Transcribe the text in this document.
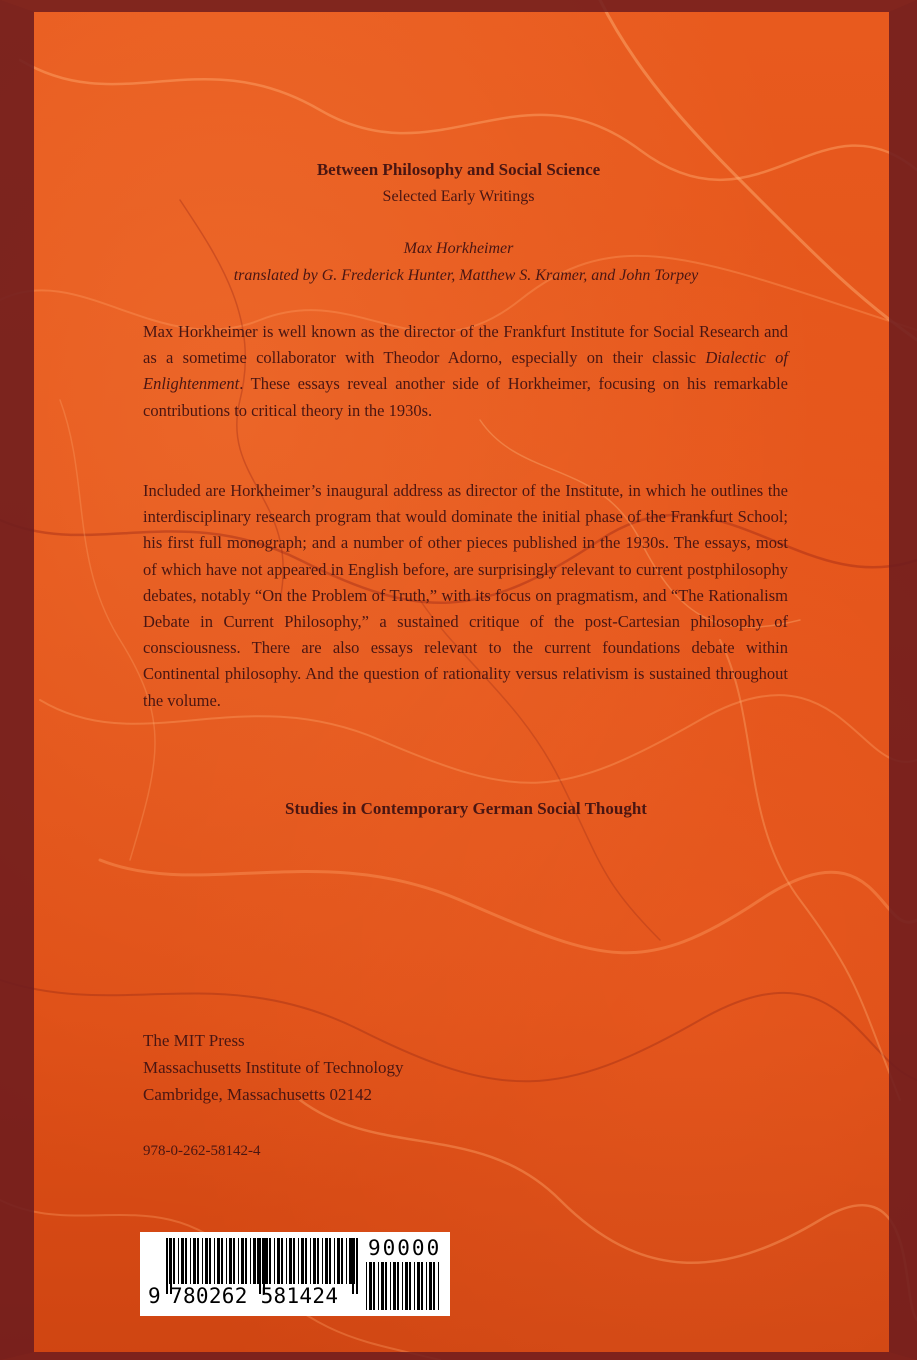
Between Philosophy and Social Science

Selected Early Writings

Max Horkheimer

translated by G. Frederick Hunter, Matthew S. Kramer, and John Torpey

Max Horkheimer is well known as the director of the Frankfurt Institute for Social Research and as a sometime collaborator with Theodor Adorno, especially on their classic Dialectic of Enlightenment. These essays reveal another side of Horkheimer, focusing on his remarkable contributions to critical theory in the 1930s.

Included are Horkheimer’s inaugural address as director of the Institute, in which he outlines the interdisciplinary research program that would dominate the initial phase of the Frankfurt School; his first full monograph; and a number of other pieces published in the 1930s. The essays, most of which have not appeared in English before, are surprisingly relevant to current postphilosophy debates, notably “On the Problem of Truth,” with its focus on pragmatism, and “The Rationalism Debate in Current Philosophy,” a sustained critique of the post-Cartesian philosophy of consciousness. There are also essays relevant to the current foundations debate within Continental philosophy. And the question of rationality versus relativism is sustained throughout the volume.

Studies in Contemporary German Social Thought

The MIT Press
Massachusetts Institute of Technology
Cambridge, Massachusetts 02142

978-0-262-58142-4

9 780262 581424
90000
